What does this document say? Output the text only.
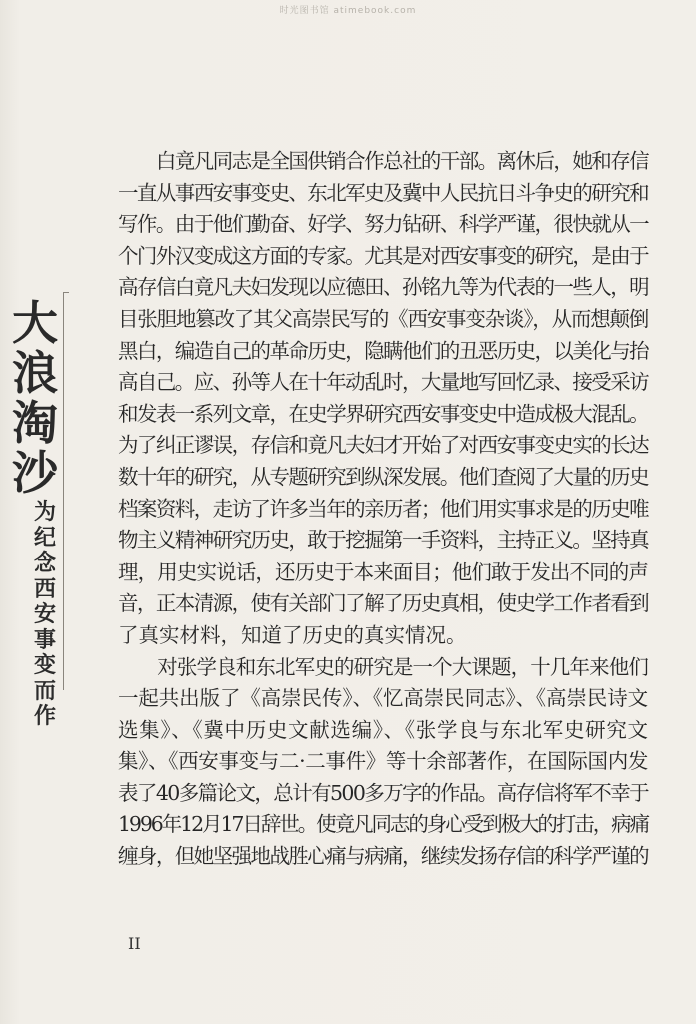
时光图书馆 atimebook.com
大
浪
淘
沙
为
纪
念
西
安
事
变
而
作

　　白竟凡同志是全国供销合作总社的干部。离休后，她和存信
一直从事西安事变史、东北军史及冀中人民抗日斗争史的研究和
写作。由于他们勤奋、好学、努力钻研、科学严谨，很快就从一
个门外汉变成这方面的专家。尤其是对西安事变的研究，是由于
高存信白竟凡夫妇发现以应德田、孙铭九等为代表的一些人，明
目张胆地篡改了其父高崇民写的《西安事变杂谈》，从而想颠倒
黑白，编造自己的革命历史，隐瞒他们的丑恶历史，以美化与抬
高自己。应、孙等人在十年动乱时，大量地写回忆录、接受采访
和发表一系列文章，在史学界研究西安事变史中造成极大混乱。
为了纠正谬误，存信和竟凡夫妇才开始了对西安事变史实的长达
数十年的研究，从专题研究到纵深发展。他们查阅了大量的历史
档案资料，走访了许多当年的亲历者；他们用实事求是的历史唯
物主义精神研究历史，敢于挖掘第一手资料，主持正义。坚持真
理，用史实说话，还历史于本来面目；他们敢于发出不同的声
音，正本清源，使有关部门了解了历史真相，使史学工作者看到
了真实材料，知道了历史的真实情况。

　　对张学良和东北军史的研究是一个大课题，十几年来他们
一起共出版了《高崇民传》、《忆高崇民同志》、《高崇民诗文
选集》、《冀中历史文献选编》、《张学良与东北军史研究文
集》、《西安事变与二·二事件》等十余部著作，在国际国内发
表了40多篇论文，总计有500多万字的作品。高存信将军不幸于
1996年12月17日辞世。使竟凡同志的身心受到极大的打击，病痛
缠身，但她坚强地战胜心痛与病痛，继续发扬存信的科学严谨的

II
